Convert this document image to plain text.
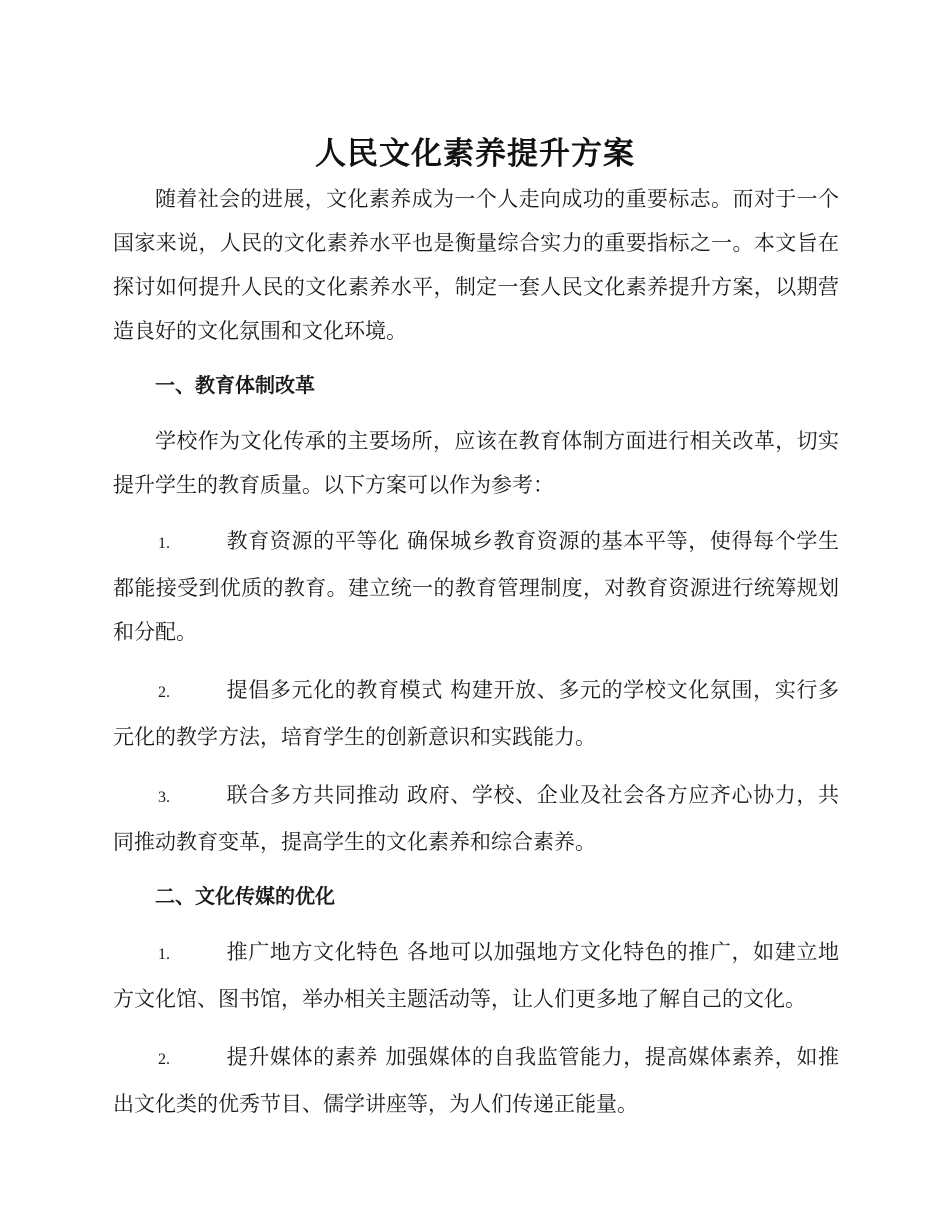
人民文化素养提升方案

随着社会的进展，文化素养成为一个人走向成功的重要标志。而对于一个国家来说，人民的文化素养水平也是衡量综合实力的重要指标之一。本文旨在探讨如何提升人民的文化素养水平，制定一套人民文化素养提升方案，以期营造良好的文化氛围和文化环境。

一、教育体制改革

学校作为文化传承的主要场所，应该在教育体制方面进行相关改革，切实提升学生的教育质量。以下方案可以作为参考：

1.	教育资源的平等化 确保城乡教育资源的基本平等，使得每个学生都能接受到优质的教育。建立统一的教育管理制度，对教育资源进行统筹规划和分配。

2.	提倡多元化的教育模式 构建开放、多元的学校文化氛围，实行多元化的教学方法，培育学生的创新意识和实践能力。

3.	联合多方共同推动 政府、学校、企业及社会各方应齐心协力，共同推动教育变革，提高学生的文化素养和综合素养。

二、文化传媒的优化

1.	推广地方文化特色 各地可以加强地方文化特色的推广，如建立地方文化馆、图书馆，举办相关主题活动等，让人们更多地了解自己的文化。

2.	提升媒体的素养 加强媒体的自我监管能力，提高媒体素养，如推出文化类的优秀节目、儒学讲座等，为人们传递正能量。
